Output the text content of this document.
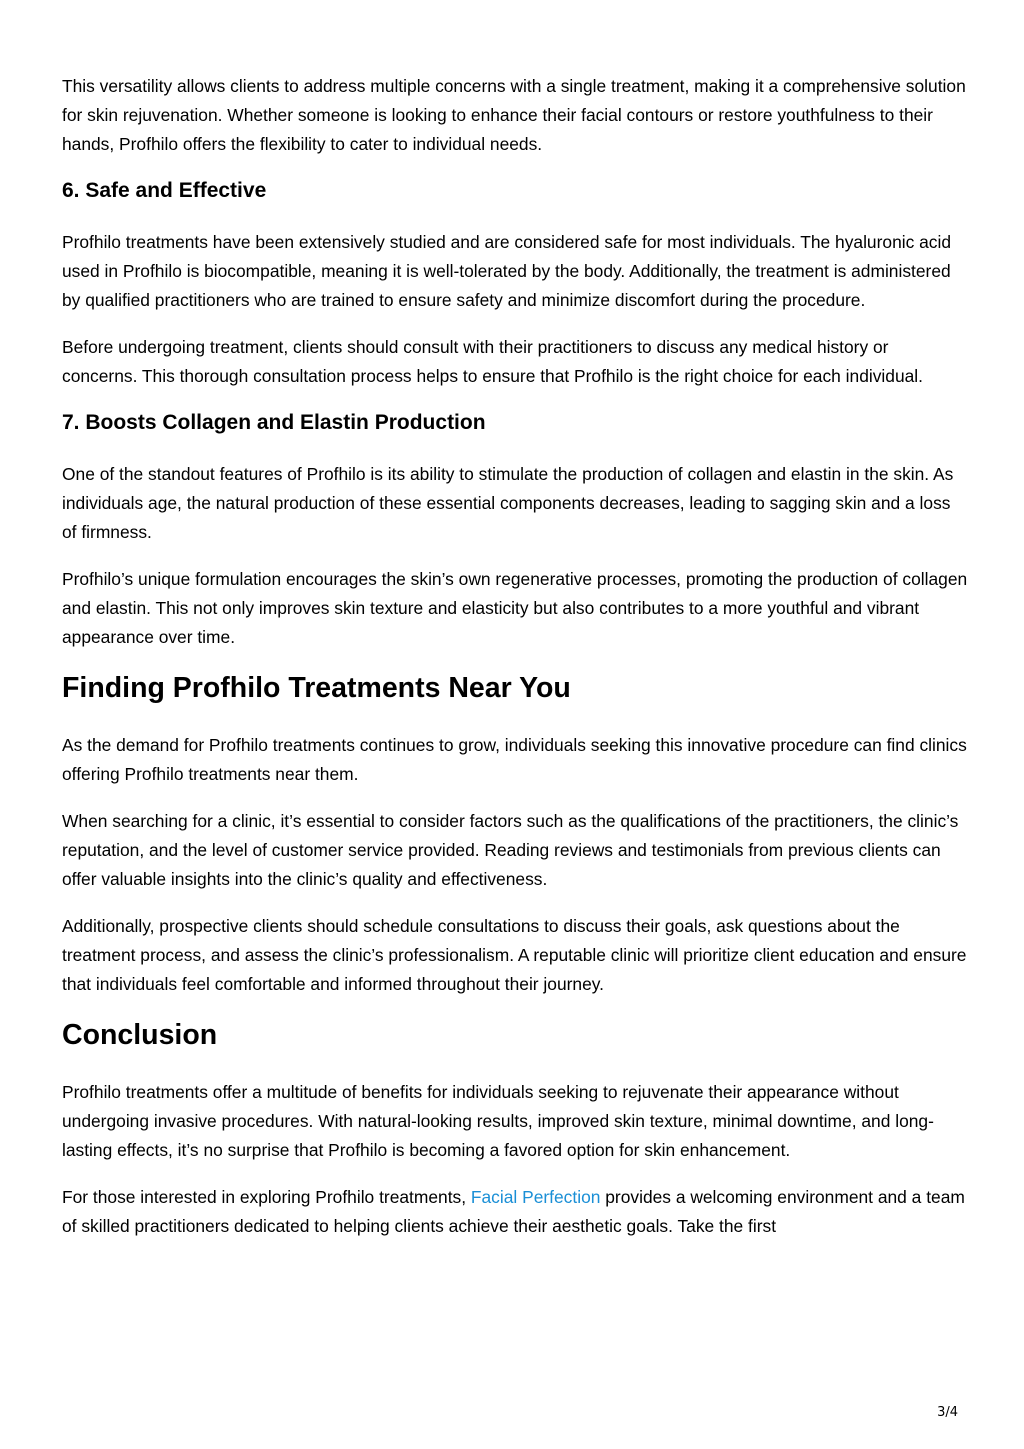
This versatility allows clients to address multiple concerns with a single treatment, making it a comprehensive solution for skin rejuvenation. Whether someone is looking to enhance their facial contours or restore youthfulness to their hands, Profhilo offers the flexibility to cater to individual needs.

6. Safe and Effective

Profhilo treatments have been extensively studied and are considered safe for most individuals. The hyaluronic acid used in Profhilo is biocompatible, meaning it is well-tolerated by the body. Additionally, the treatment is administered by qualified practitioners who are trained to ensure safety and minimize discomfort during the procedure.

Before undergoing treatment, clients should consult with their practitioners to discuss any medical history or concerns. This thorough consultation process helps to ensure that Profhilo is the right choice for each individual.

7. Boosts Collagen and Elastin Production

One of the standout features of Profhilo is its ability to stimulate the production of collagen and elastin in the skin. As individuals age, the natural production of these essential components decreases, leading to sagging skin and a loss of firmness.

Profhilo’s unique formulation encourages the skin’s own regenerative processes, promoting the production of collagen and elastin. This not only improves skin texture and elasticity but also contributes to a more youthful and vibrant appearance over time.

Finding Profhilo Treatments Near You

As the demand for Profhilo treatments continues to grow, individuals seeking this innovative procedure can find clinics offering Profhilo treatments near them.

When searching for a clinic, it’s essential to consider factors such as the qualifications of the practitioners, the clinic’s reputation, and the level of customer service provided. Reading reviews and testimonials from previous clients can offer valuable insights into the clinic’s quality and effectiveness.

Additionally, prospective clients should schedule consultations to discuss their goals, ask questions about the treatment process, and assess the clinic’s professionalism. A reputable clinic will prioritize client education and ensure that individuals feel comfortable and informed throughout their journey.

Conclusion

Profhilo treatments offer a multitude of benefits for individuals seeking to rejuvenate their appearance without undergoing invasive procedures. With natural-looking results, improved skin texture, minimal downtime, and long-lasting effects, it’s no surprise that Profhilo is becoming a favored option for skin enhancement.

For those interested in exploring Profhilo treatments, Facial Perfection provides a welcoming environment and a team of skilled practitioners dedicated to helping clients achieve their aesthetic goals. Take the first

3/4
